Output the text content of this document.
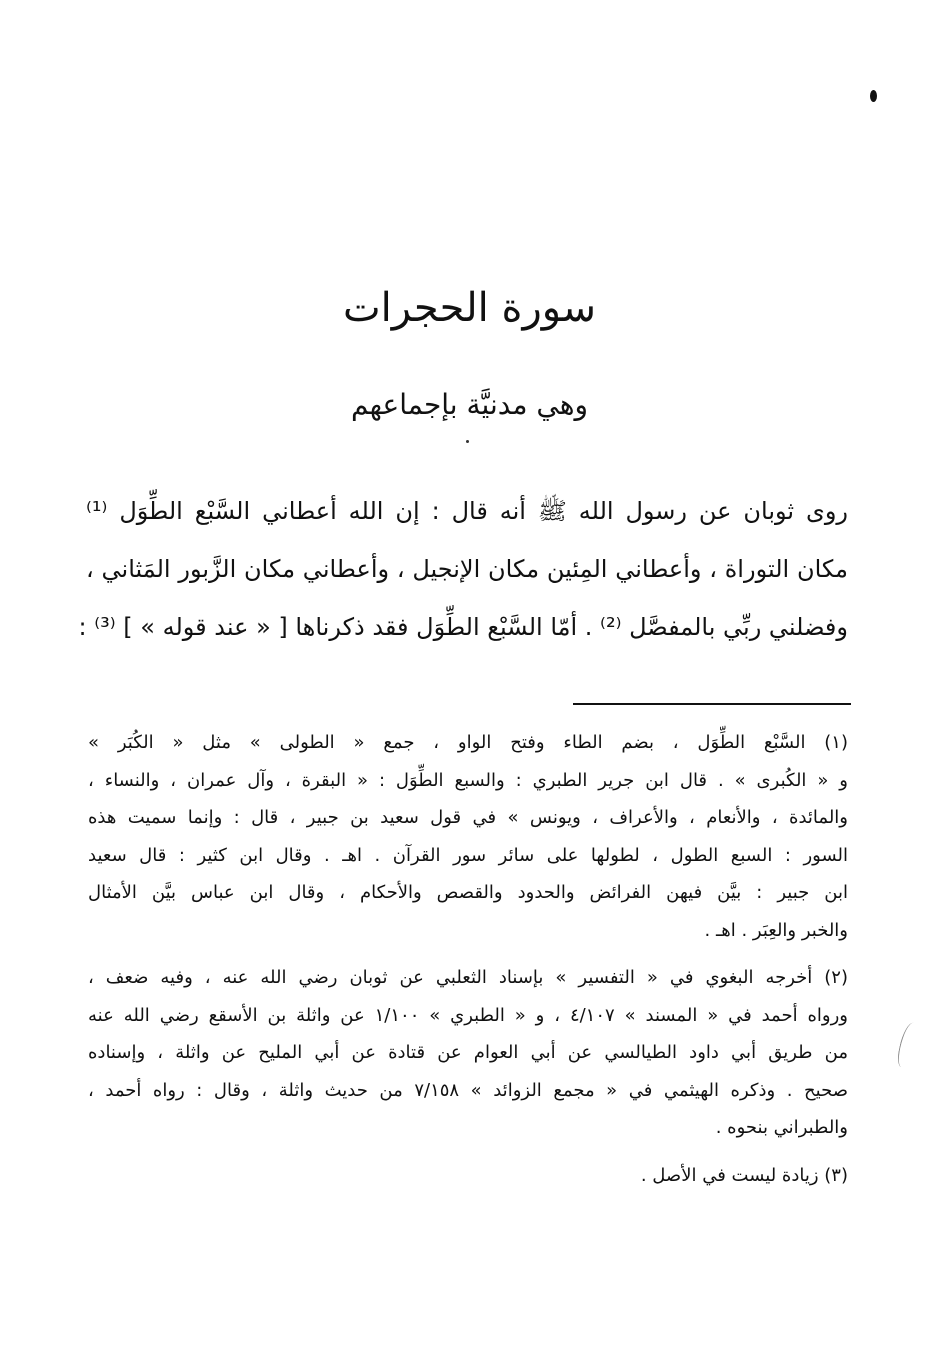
سورة الحجرات
وهي مدنيَّة بإجماعهم
روى ثوبان عن رسول الله ﷺ أنه قال : إن الله أعطاني السَّبْع الطِّوَل ⁽¹⁾
مكان التوراة ، وأعطاني المِئين مكان الإنجيل ، وأعطاني مكان الزَّبور المَثاني ،
وفضلني ربِّي بالمفصَّل ⁽²⁾ . أمّا السَّبْع الطِّوَل فقد ذكرناها [ « عند قوله » ] ⁽³⁾ :
(١) السَّبْع الطِّوَل ، بضم الطاء وفتح الواو ، جمع « الطولى » مثل « الكُبَر »
و « الكُبرى » . قال ابن جرير الطبري : والسبع الطِّوَل : « البقرة ، وآل عمران ، والنساء ،
والمائدة ، والأنعام ، والأعراف ، ويونس » في قول سعيد بن جبير ، قال : وإنما سميت هذه
السور : السبع الطول ، لطولها على سائر سور القرآن . اهـ . وقال ابن كثير : قال سعيد
ابن جبير : بيَّن فيهن الفرائض والحدود والقصص والأحكام ، وقال ابن عباس بيَّن الأمثال
والخبر والعِبَر . اهـ .
(٢) أخرجه البغوي في « التفسير » بإسناد الثعلبي عن ثوبان رضي الله عنه ، وفيه ضعف ،
ورواه أحمد في « المسند » ٤/١٠٧ ، و « الطبري » ١/١٠٠ عن واثلة بن الأسقع رضي الله عنه
من طريق أبي داود الطيالسي عن أبي العوام عن قتادة عن أبي المليح عن واثلة ، وإسناده
صحيح . وذكره الهيثمي في « مجمع الزوائد » ٧/١٥٨ من حديث واثلة ، وقال : رواه أحمد ،
والطبراني بنحوه .
(٣) زيادة ليست في الأصل .
